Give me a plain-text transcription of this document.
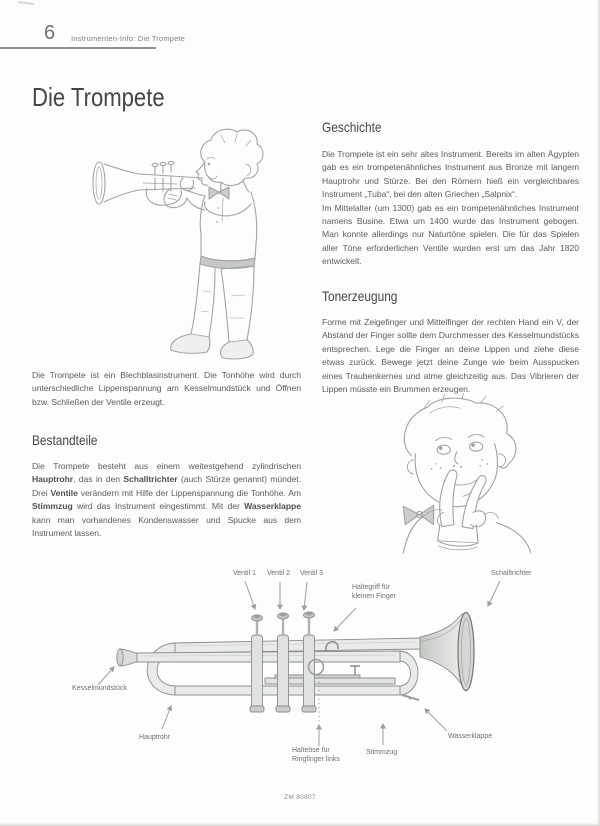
6 Instrumenten-Info: Die Trompete
Die Trompete

Die Trompete ist ein Blechblasinstrument. Die Tonhöhe wird durch unterschiedliche Lippenspannung am Kesselmundstück und Öffnen bzw. Schließen der Ventile erzeugt.

Bestandteile

Die Trompete besteht aus einem weitestgehend zylindrischen Hauptrohr, das in den Schalltrichter (auch Stürze genannt) mündet. Drei Ventile verändern mit Hilfe der Lippenspannung die Tonhöhe. Am Stimmzug wird das Instrument eingestimmt. Mit der Wasserklappe kann man vorhandenes Kondenswasser und Spucke aus dem Instrument lassen.

Geschichte

Die Trompete ist ein sehr altes Instrument. Bereits im alten Ägypten gab es ein trompetenähnliches Instrument aus Bronze mit langem Hauptrohr und Stürze. Bei den Römern hieß ein vergleichbares Instrument „Tuba“, bei den alten Griechen „Salpnix“.

Im Mittelalter (um 1300) gab es ein trompetenähnliches Instrument namens Busine. Etwa um 1400 wurde das Instrument gebogen. Man konnte allerdings nur Naturtöne spielen. Die für das Spielen aller Töne erforderlichen Ventile wurden erst um das Jahr 1820 entwickelt.

Tonerzeugung

Forme mit Zeigefinger und Mittelfinger der rechten Hand ein V, der Abstand der Finger sollte dem Durchmesser des Kesselmundstücks entsprechen. Lege die Finger an deine Lippen und ziehe diese etwas zurück. Bewege jetzt deine Zunge wie beim Ausspucken eines Traubenkernes und atme gleichzeitig aus. Das Vibrieren der Lippen müsste ein Brummen erzeugen.

Ventil 1 Ventil 2 Ventil 3
Haltegriff für kleinen Finger
Schalltrichter
Kesselmundstück
Hauptrohr
Halteöse für Ringfinger links
Stimmzug
Wasserklappe
ZM 80807
